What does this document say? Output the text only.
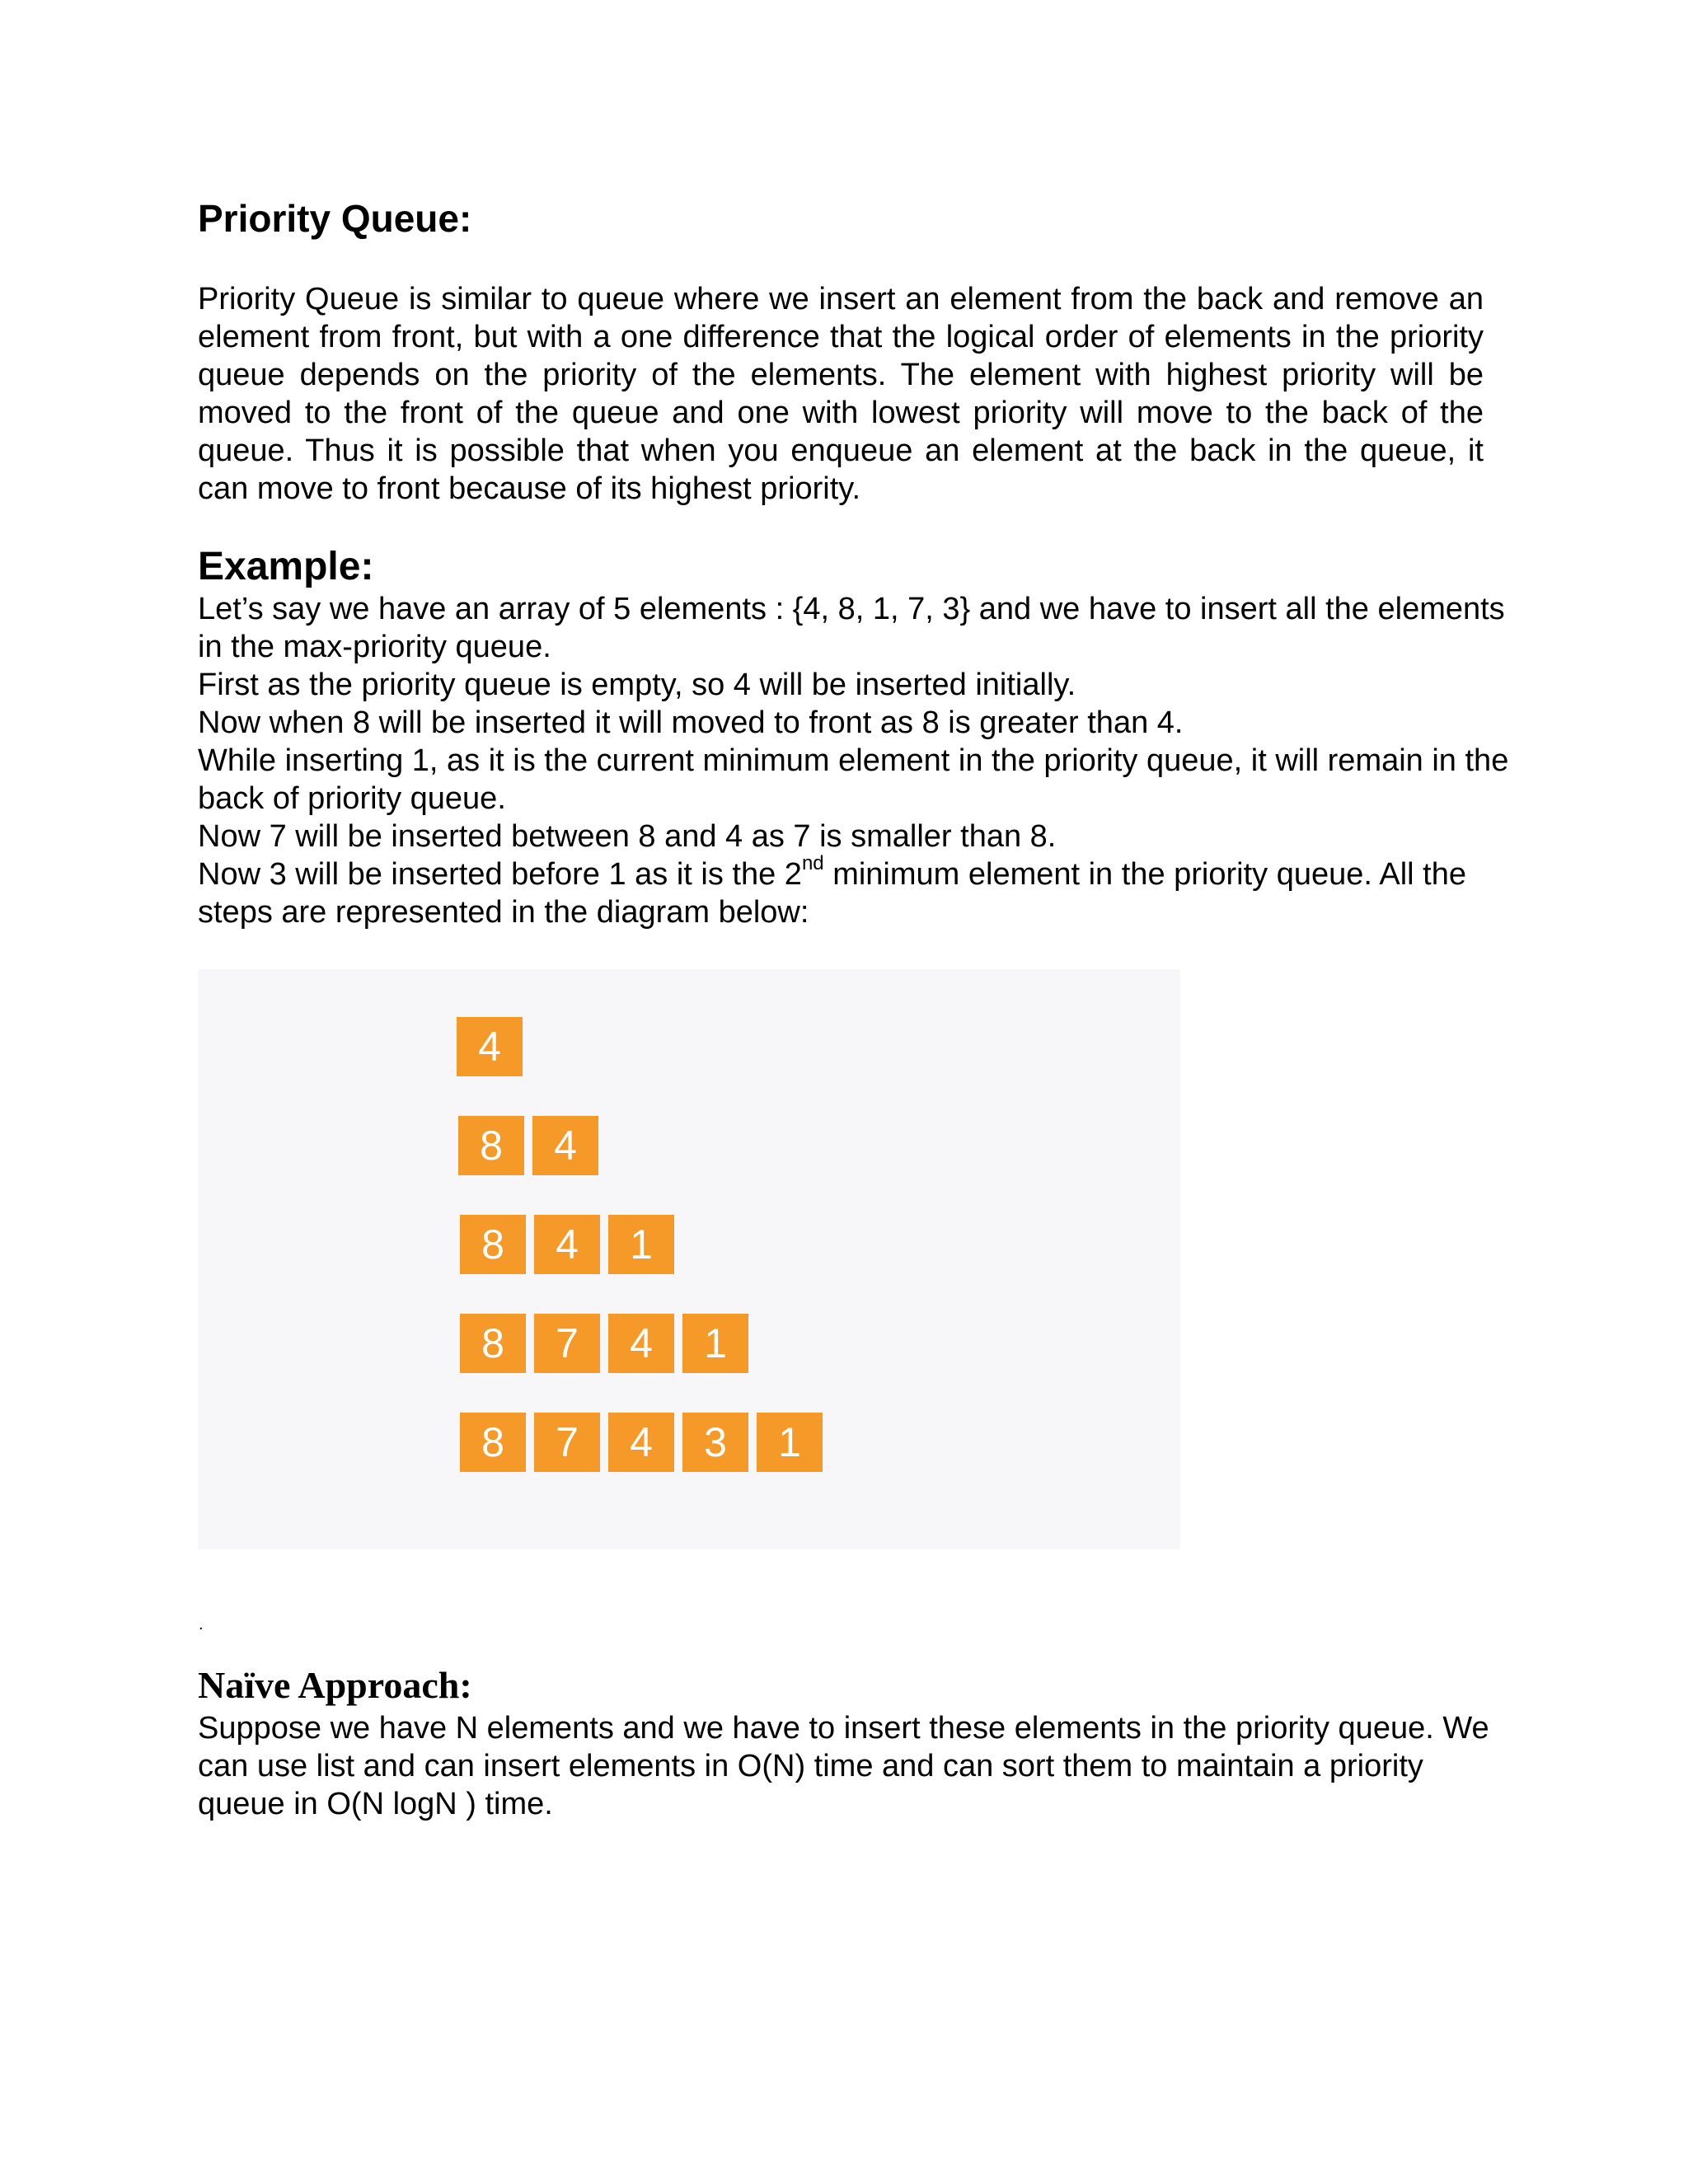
Priority Queue:

Priority Queue is similar to queue where we insert an element from the back and remove an element from front, but with a one difference that the logical order of elements in the priority queue depends on the priority of the elements. The element with highest priority will be moved to the front of the queue and one with lowest priority will move to the back of the queue. Thus it is possible that when you enqueue an element at the back in the queue, it can move to front because of its highest priority.

Example:

Let’s say we have an array of 5 elements : {4, 8, 1, 7, 3} and we have to insert all the elements in the max-priority queue.

First as the priority queue is empty, so 4 will be inserted initially.

Now when 8 will be inserted it will moved to front as 8 is greater than 4.

While inserting 1, as it is the current minimum element in the priority queue, it will remain in the back of priority queue.

Now 7 will be inserted between 8 and 4 as 7 is smaller than 8.

Now 3 will be inserted before 1 as it is the 2nd minimum element in the priority queue. All the steps are represented in the diagram below:

Naïve Approach:

Suppose we have N elements and we have to insert these elements in the priority queue. We can use list and can insert elements in O(N) time and can sort them to maintain a priority queue in O(N logN ) time.

4
8	4
8	4	1
8	7	4	1
8	7	4	3	1
.
